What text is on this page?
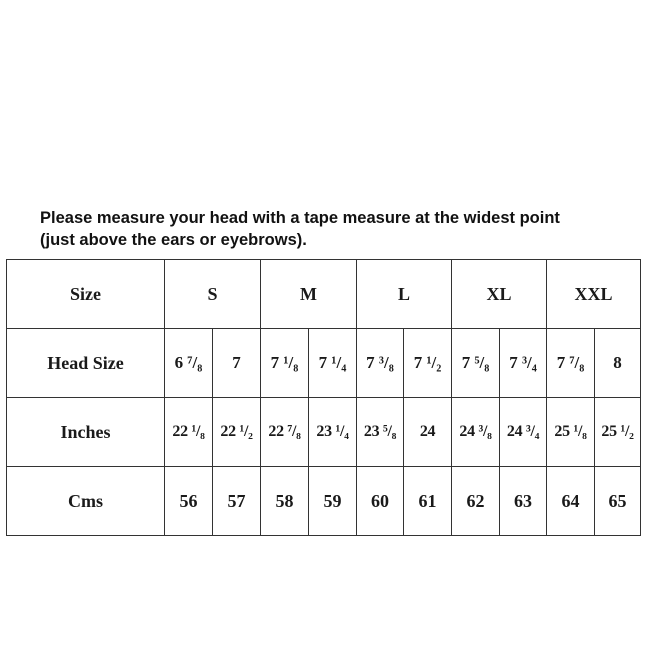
Please measure your head with a tape measure at the widest point
(just above the ears or eyebrows).
Size	S		M		L		XL		XXL	
Head Size	6 ⁷/₈	7	7 ¹/₈	7 ¹/₄	7 ³/₈	7 ¹/₂	7 ⁵/₈	7 ³/₄	7 ⁷/₈	8
Inches	22 ¹/₈	22 ¹/₂	22 ⁷/₈	23 ¹/₄	23 ⁵/₈	24	24 ³/₈	24 ³/₄	25 ¹/₈	25 ¹/₂
Cms	56	57	58	59	60	61	62	63	64	65
